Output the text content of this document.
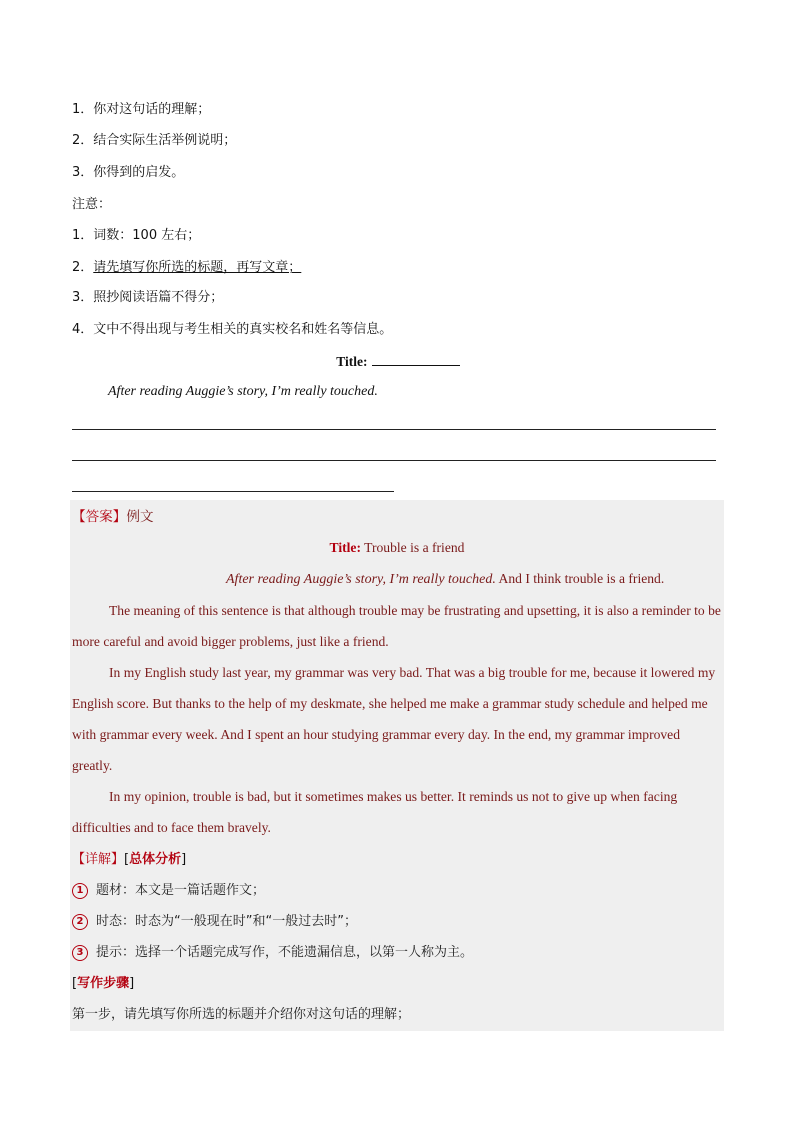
1．你对这句话的理解；
2．结合实际生活举例说明；
3．你得到的启发。
注意：
1．词数：100 左右；
2．请先填写你所选的标题，再写文章；
3．照抄阅读语篇不得分；
4．文中不得出现与考生相关的真实校名和姓名等信息。
Title:
After reading Auggie’s story, I’m really touched.

【答案】例文

Title: Trouble is a friend

After reading Auggie’s story, I’m really touched. And I think trouble is a friend.

The meaning of this sentence is that although trouble may be frustrating and upsetting, it is also a reminder to be more careful and avoid bigger problems, just like a friend.

In my English study last year, my grammar was very bad. That was a big trouble for me, because it lowered my English score. But thanks to the help of my deskmate, she helped me make a grammar study schedule and helped me with grammar every week. And I spent an hour studying grammar every day. In the end, my grammar improved greatly.

In my opinion, trouble is bad, but it sometimes makes us better. It reminds us not to give up when facing difficulties and to face them bravely.

【详解】[总体分析]
1 题材：本文是一篇话题作文；
2 时态：时态为“一般现在时”和“一般过去时”；
3 提示：选择一个话题完成写作，不能遗漏信息，以第一人称为主。
[写作步骤]
第一步，请先填写你所选的标题并介绍你对这句话的理解；
